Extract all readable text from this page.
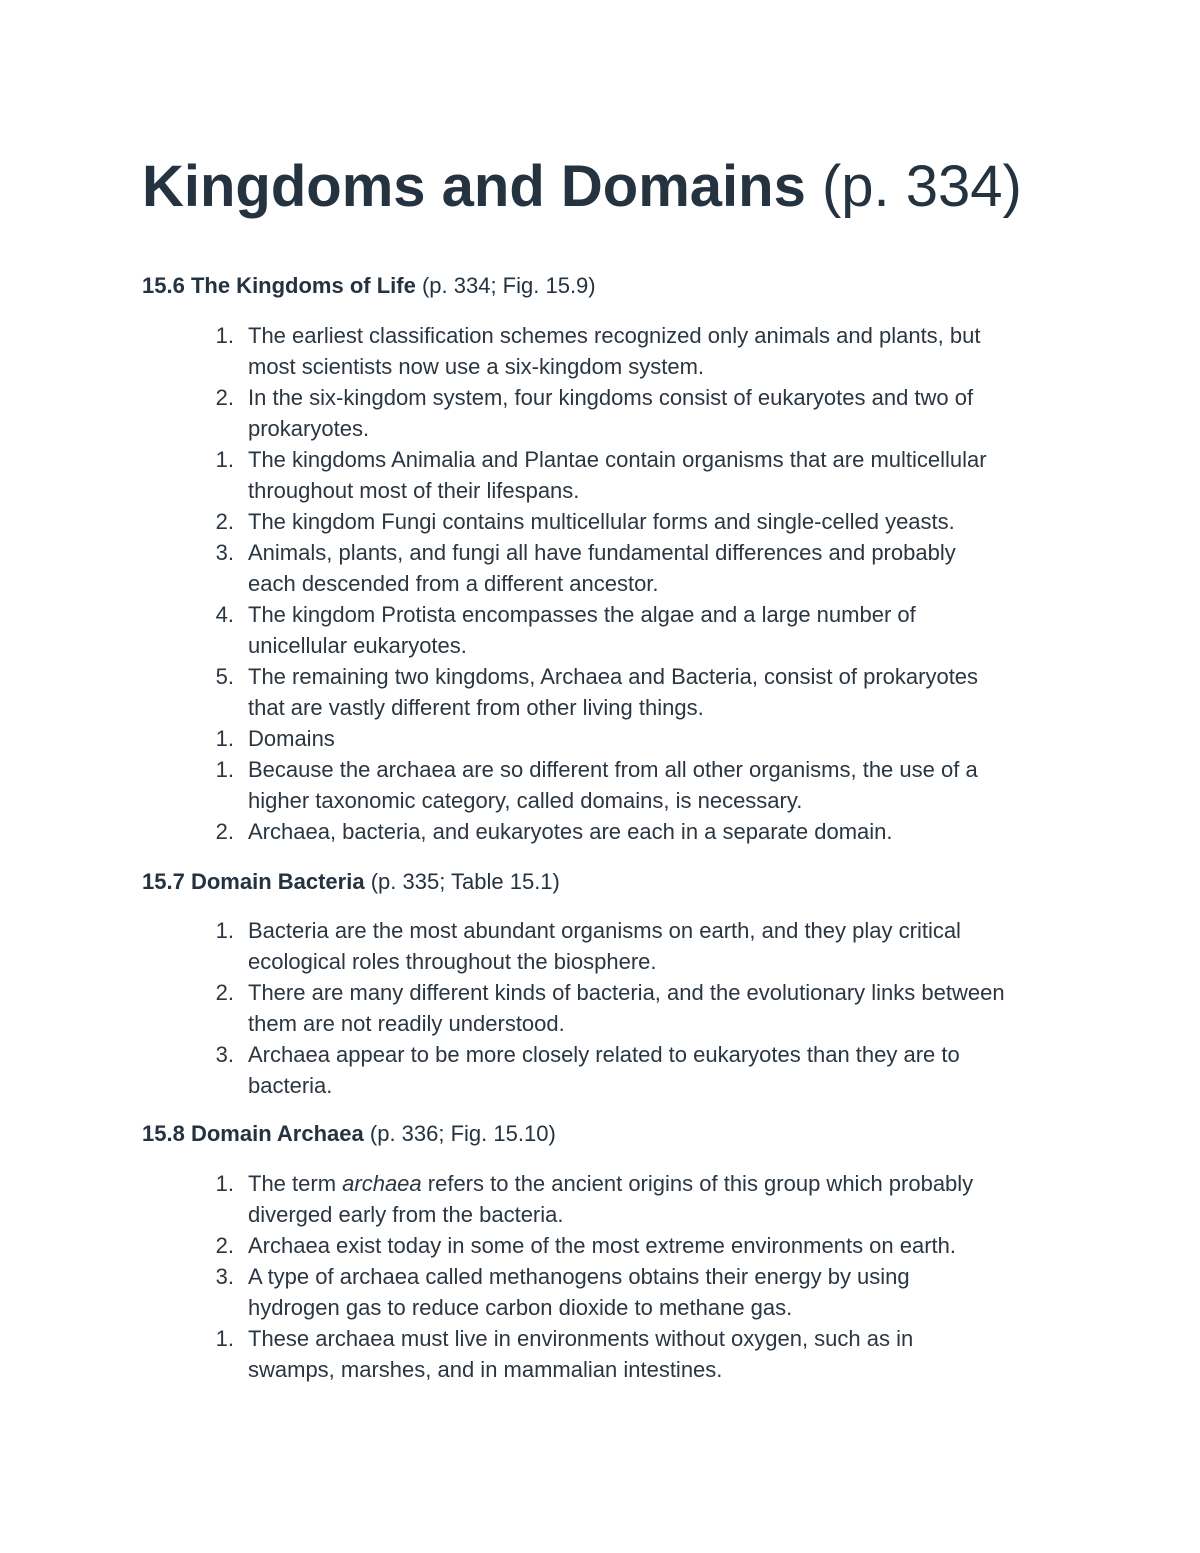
Kingdoms and Domains (p. 334)
15.6 The Kingdoms of Life (p. 334; Fig. 15.9)
1. The earliest classification schemes recognized only animals and plants, but
most scientists now use a six-kingdom system.
2. In the six-kingdom system, four kingdoms consist of eukaryotes and two of
prokaryotes.
1. The kingdoms Animalia and Plantae contain organisms that are multicellular
throughout most of their lifespans.
2. The kingdom Fungi contains multicellular forms and single-celled yeasts.
3. Animals, plants, and fungi all have fundamental differences and probably
each descended from a different ancestor.
4. The kingdom Protista encompasses the algae and a large number of
unicellular eukaryotes.
5. The remaining two kingdoms, Archaea and Bacteria, consist of prokaryotes
that are vastly different from other living things.
1. Domains
1. Because the archaea are so different from all other organisms, the use of a
higher taxonomic category, called domains, is necessary.
2. Archaea, bacteria, and eukaryotes are each in a separate domain.
15.7 Domain Bacteria (p. 335; Table 15.1)
1. Bacteria are the most abundant organisms on earth, and they play critical
ecological roles throughout the biosphere.
2. There are many different kinds of bacteria, and the evolutionary links between
them are not readily understood.
3. Archaea appear to be more closely related to eukaryotes than they are to
bacteria.
15.8 Domain Archaea (p. 336; Fig. 15.10)
1. The term archaea refers to the ancient origins of this group which probably
diverged early from the bacteria.
2. Archaea exist today in some of the most extreme environments on earth.
3. A type of archaea called methanogens obtains their energy by using
hydrogen gas to reduce carbon dioxide to methane gas.
1. These archaea must live in environments without oxygen, such as in
swamps, marshes, and in mammalian intestines.
